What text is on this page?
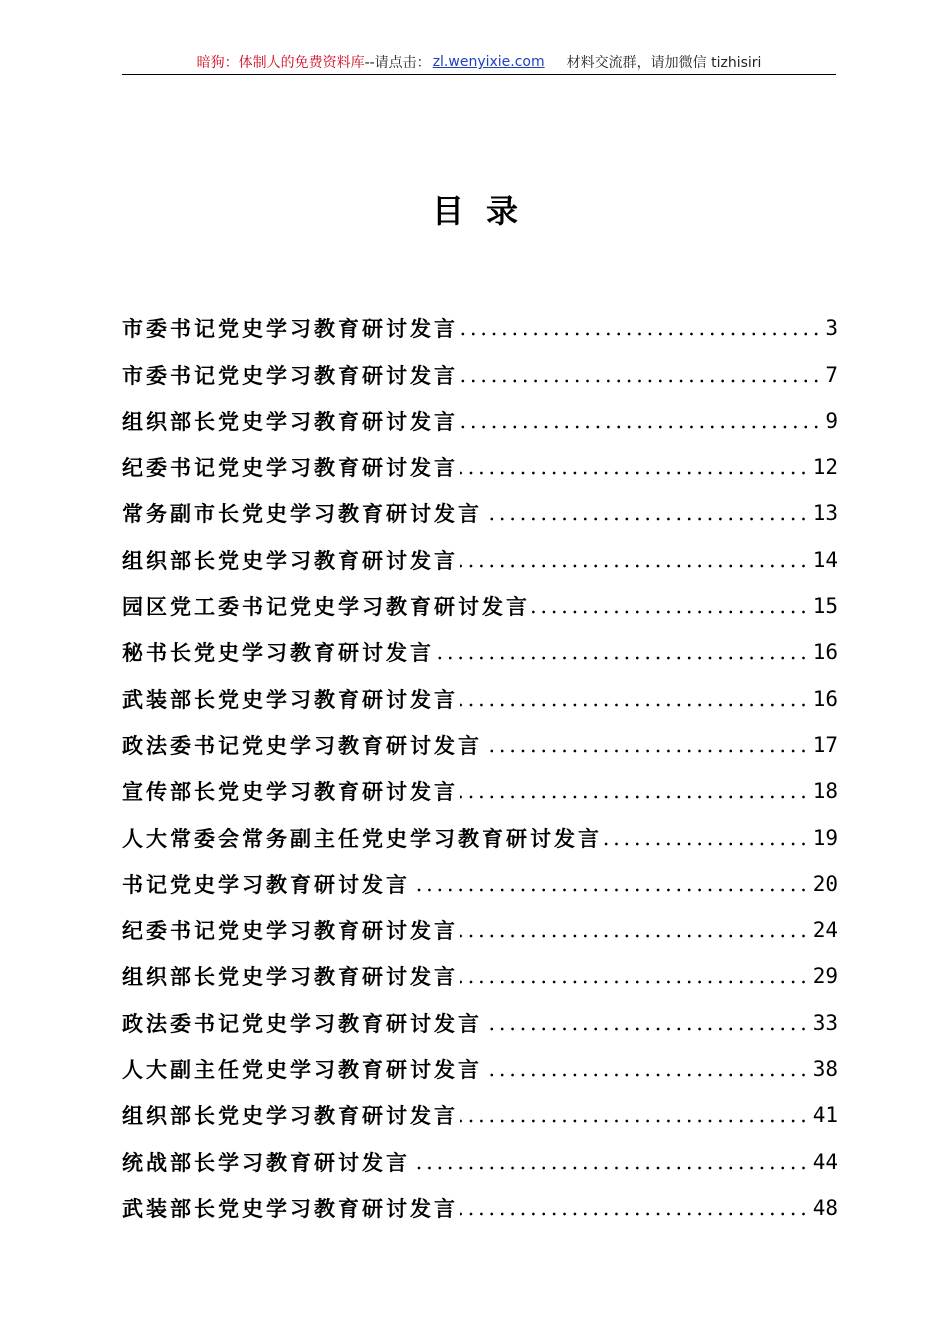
暗狗：体制人的免费资料库 --请点击： zl.wenyixie.com 材料交流群，请加微信 tizhisiri
目录
市委书记党史学习教育研讨发言	3
市委书记党史学习教育研讨发言	7
组织部长党史学习教育研讨发言	9
纪委书记党史学习教育研讨发言	12
常务副市长党史学习教育研讨发言	13
组织部长党史学习教育研讨发言	14
园区党工委书记党史学习教育研讨发言	15
秘书长党史学习教育研讨发言	16
武装部长党史学习教育研讨发言	16
政法委书记党史学习教育研讨发言	17
宣传部长党史学习教育研讨发言	18
人大常委会常务副主任党史学习教育研讨发言	19
书记党史学习教育研讨发言	20
纪委书记党史学习教育研讨发言	24
组织部长党史学习教育研讨发言	29
政法委书记党史学习教育研讨发言	33
人大副主任党史学习教育研讨发言	38
组织部长党史学习教育研讨发言	41
统战部长学习教育研讨发言	44
武装部长党史学习教育研讨发言	48
